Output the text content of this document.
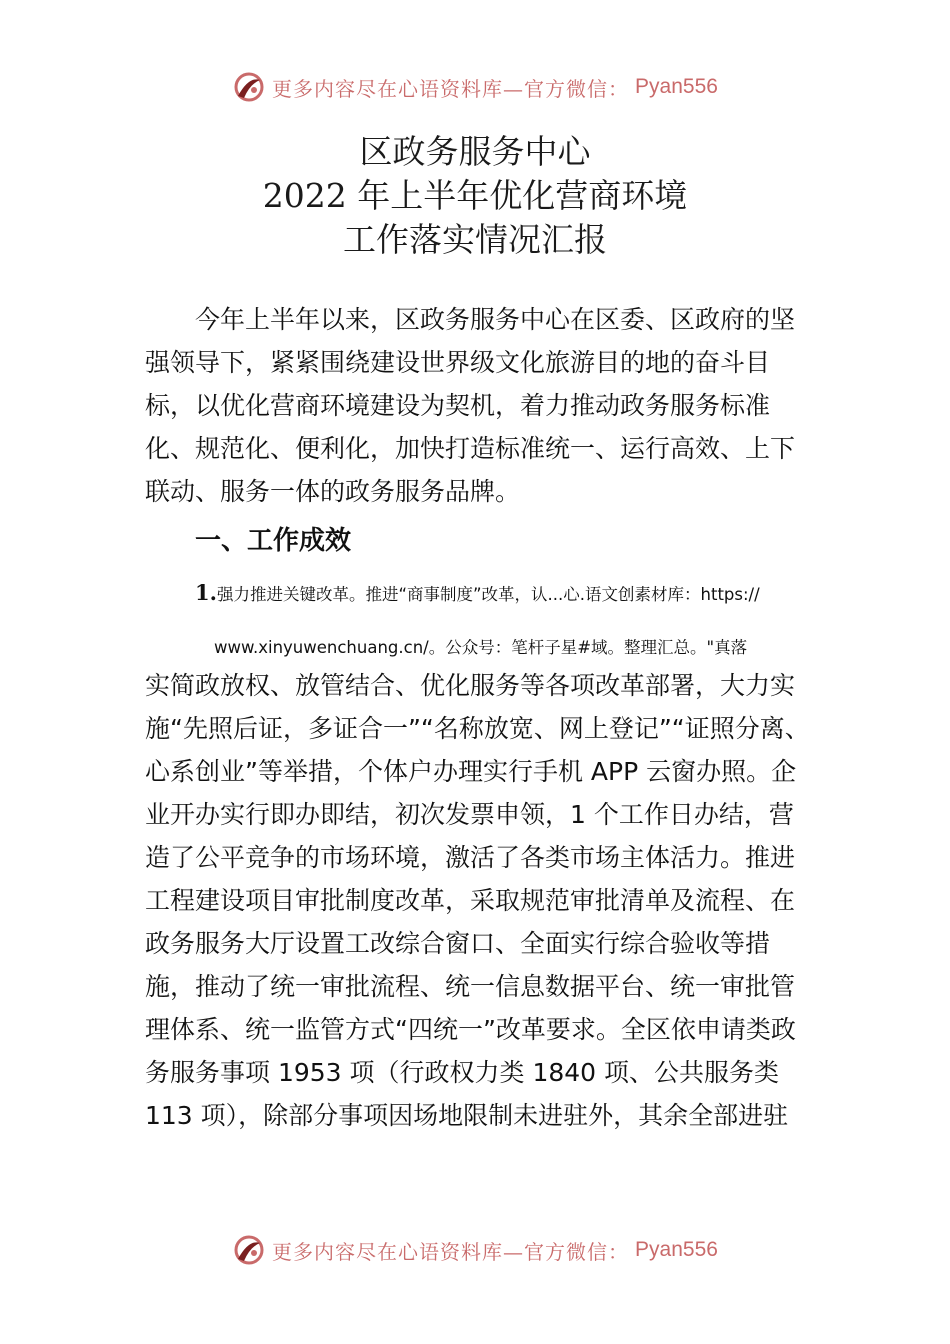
更多内容尽在心语资料库—官方微信： Pyan556
区政务服务中心
2022 年上半年优化营商环境
工作落实情况汇报

今年上半年以来，区政务服务中心在区委、区政府的坚强领导下，紧紧围绕建设世界级文化旅游目的地的奋斗目标，以优化营商环境建设为契机，着力推动政务服务标准化、规范化、便利化，加快打造标准统一、运行高效、上下联动、服务一体的政务服务品牌。

一、工作成效
1.强力推进关键改革。推进“商事制度”改革，认...心.语文创素材库：https://
www.xinyuwenchuang.cn/。公众号：笔杆子星#域。整理汇总。"真落

实简政放权、放管结合、优化服务等各项改革部署，大力实施“先照后证，多证合一”“名称放宽、网上登记”“证照分离、心系创业”等举措，个体户办理实行手机 APP 云窗办照。企业开办实行即办即结，初次发票申领，1 个工作日办结，营造了公平竞争的市场环境，激活了各类市场主体活力。推进工程建设项目审批制度改革，采取规范审批清单及流程、在政务服务大厅设置工改综合窗口、全面实行综合验收等措施，推动了统一审批流程、统一信息数据平台、统一审批管理体系、统一监管方式“四统一”改革要求。全区依申请类政务服务事项 1953 项（行政权力类 1840 项、公共服务类 113 项），除部分事项因场地限制未进驻外，其余全部进驻

更多内容尽在心语资料库—官方微信： Pyan556
